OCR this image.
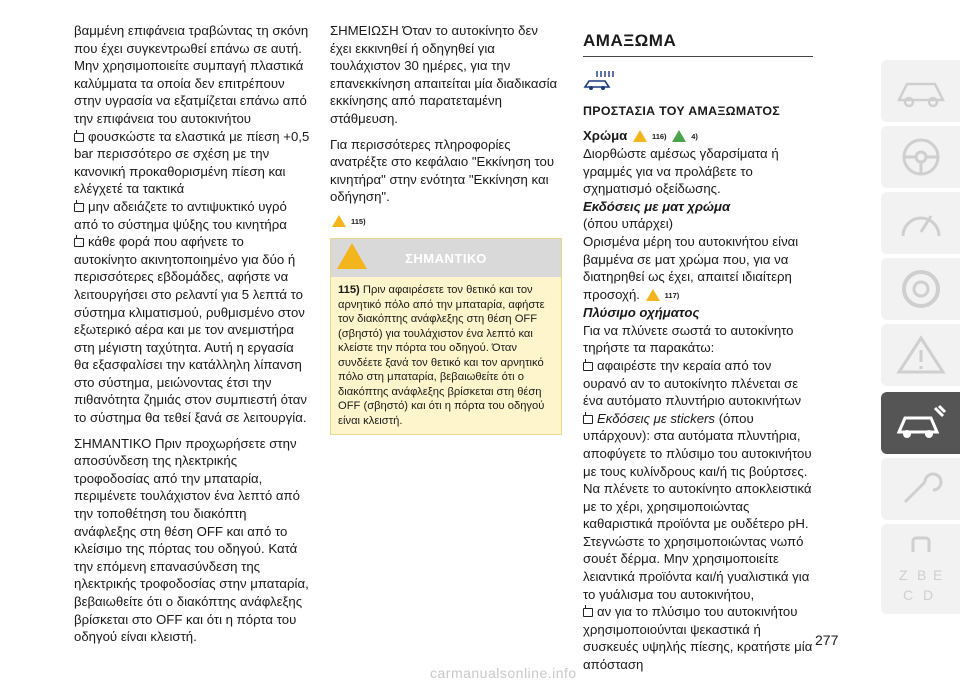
βαμμένη επιφάνεια τραβώντας τη σκόνη που έχει συγκεντρωθεί επάνω σε αυτή. Μην χρησιμοποιείτε συμπαγή πλαστικά καλύμματα τα οποία δεν επιτρέπουν στην υγρασία να εξατμίζεται επάνω από την επιφάνεια του αυτοκινήτου

φουσκώστε τα ελαστικά με πίεση +0,5 bar περισσότερο σε σχέση με την κανονική προκαθορισμένη πίεση και ελέγχετέ τα τακτικά

μην αδειάζετε το αντιψυκτικό υγρό από το σύστημα ψύξης του κινητήρα

κάθε φορά που αφήνετε το αυτοκίνητο ακινητοποιημένο για δύο ή περισσότερες εβδομάδες, αφήστε να λειτουργήσει στο ρελαντί για 5 λεπτά το σύστημα κλιματισμού, ρυθμισμένο στον εξωτερικό αέρα και με τον ανεμιστήρα στη μέγιστη ταχύτητα. Αυτή η εργασία θα εξασφαλίσει την κατάλληλη λίπανση στο σύστημα, μειώνοντας έτσι την πιθανότητα ζημιάς στον συμπιεστή όταν το σύστημα θα τεθεί ξανά σε λειτουργία.

ΣΗΜΑΝΤΙΚΟ Πριν προχωρήσετε στην αποσύνδεση της ηλεκτρικής τροφοδοσίας από την μπαταρία, περιμένετε τουλάχιστον ένα λεπτό από την τοποθέτηση του διακόπτη ανάφλεξης στη θέση OFF και από το κλείσιμο της πόρτας του οδηγού. Κατά την επόμενη επανασύνδεση της ηλεκτρικής τροφοδοσίας στην μπαταρία, βεβαιωθείτε ότι ο διακόπτης ανάφλεξης βρίσκεται στο OFF και ότι η πόρτα του οδηγού είναι κλειστή.

ΣΗΜΕΙΩΣΗ Όταν το αυτοκίνητο δεν έχει εκκινηθεί ή οδηγηθεί για τουλάχιστον 30 ημέρες, για την επανεκκίνηση απαιτείται μία διαδικασία εκκίνησης από παρατεταμένη στάθμευση.

Για περισσότερες πληροφορίες ανατρέξτε στο κεφάλαιο "Εκκίνηση του κινητήρα" στην ενότητα "Εκκίνηση και οδήγηση".

115)

ΣΗΜΑΝΤΙΚΟ
115) Πριν αφαιρέσετε τον θετικό και τον αρνητικό πόλο από την μπαταρία, αφήστε τον διακόπτης ανάφλεξης στη θέση OFF (σβηστό) για τουλάχιστον ένα λεπτό και κλείστε την πόρτα του οδηγού. Όταν συνδέετε ξανά τον θετικό και τον αρνητικό πόλο στη μπαταρία, βεβαιωθείτε ότι ο διακόπτης ανάφλεξης βρίσκεται στη θέση OFF (σβηστό) και ότι η πόρτα του οδηγού είναι κλειστή.
ΑΜΑΞΩΜΑ
ΠΡΟΣΤΑΣΙΑ ΤΟΥ ΑΜΑΞΩΜΑΤΟΣ

Χρώμα	116)	4)

Διορθώστε αμέσως γδαρσίματα ή γραμμές για να προλάβετε το σχηματισμό οξείδωσης.

Εκδόσεις με ματ χρώμα

(όπου υπάρχει)

Ορισμένα μέρη του αυτοκινήτου είναι βαμμένα σε ματ χρώμα που, για να διατηρηθεί ως έχει, απαιτεί ιδιαίτερη προσοχή.	117)

Πλύσιμο οχήματος

Για να πλύνετε σωστά το αυτοκίνητο τηρήστε τα παρακάτω:

αφαιρέστε την κεραία από τον ουρανό αν το αυτοκίνητο πλένεται σε ένα αυτόματο πλυντήριο αυτοκινήτων

Εκδόσεις με stickers (όπου υπάρχουν): στα αυτόματα πλυντήρια, αποφύγετε το πλύσιμο του αυτοκινήτου με τους κυλίνδρους και/ή τις βούρτσες. Να πλένετε το αυτοκίνητο αποκλειστικά με το χέρι, χρησιμοποιώντας καθαριστικά προϊόντα με ουδέτερο pH. Στεγνώστε το χρησιμοποιώντας νωπό σουέτ δέρμα. Μην χρησιμοποιείτε λειαντικά προϊόντα και/ή γυαλιστικά για το γυάλισμα του αυτοκινήτου,

αν για το πλύσιμο του αυτοκινήτου χρησιμοποιούνται ψεκαστικά ή συσκευές υψηλής πίεσης, κρατήστε μία απόσταση

277
Z B E
C D
carmanualsonline.info
